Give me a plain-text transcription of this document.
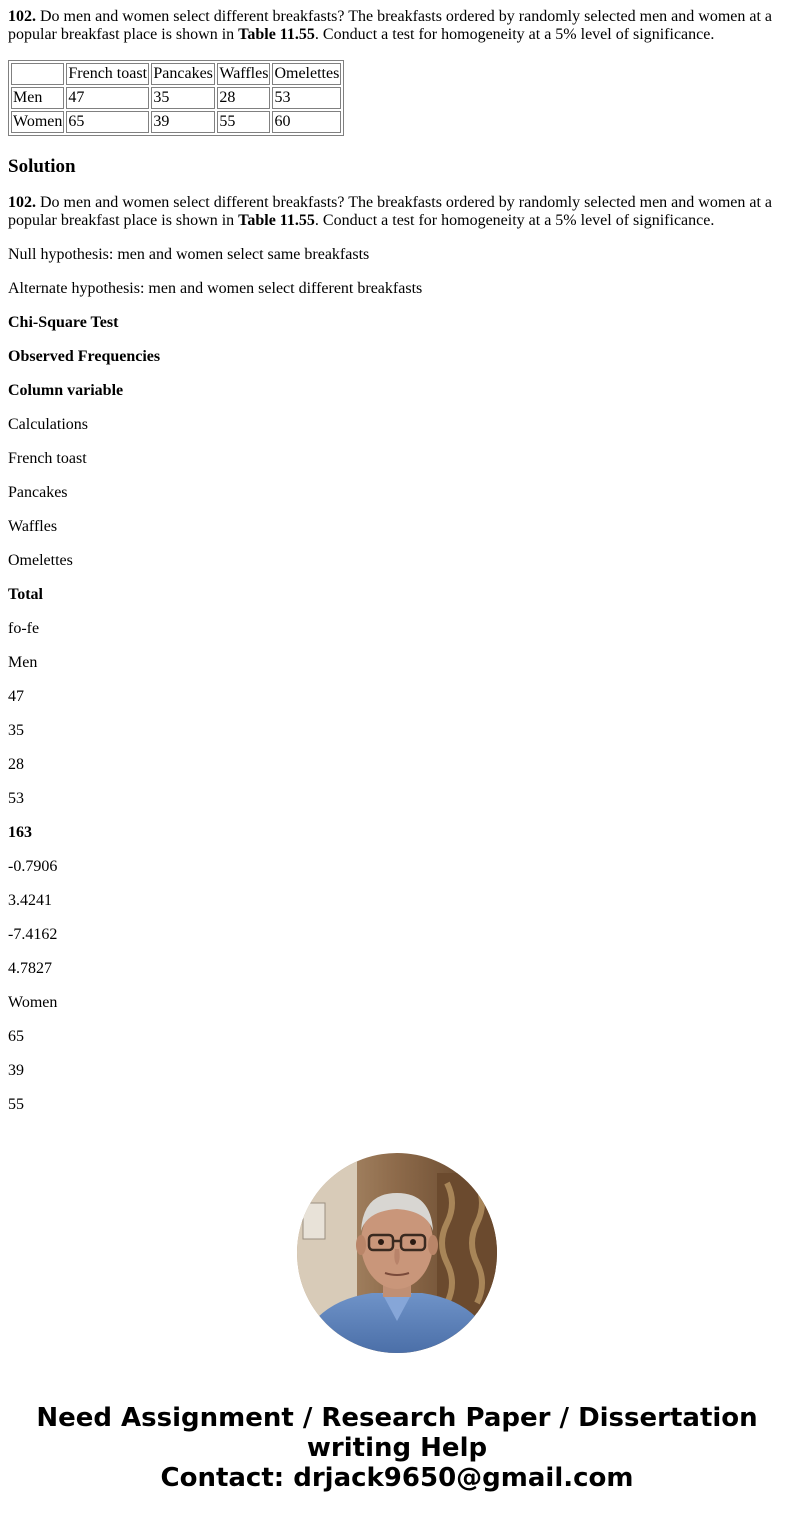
102. Do men and women select different breakfasts? The breakfasts ordered by randomly selected men and women at a popular breakfast place is shown in Table 11.55. Conduct a test for homogeneity at a 5% level of significance.

	French toast	Pancakes	Waffles	Omelettes
Men	47	35	28	53
Women	65	39	55	60
Solution

102. Do men and women select different breakfasts? The breakfasts ordered by randomly selected men and women at a popular breakfast place is shown in Table 11.55. Conduct a test for homogeneity at a 5% level of significance.

Null hypothesis: men and women select same breakfasts

Alternate hypothesis: men and women select different breakfasts

Chi-Square Test

Observed Frequencies

Column variable

Calculations

French toast

Pancakes

Waffles

Omelettes

Total

fo-fe

Men

47

35

28

53

163

-0.7906

3.4241

-7.4162

4.7827

Women

65

39

55

Need Assignment / Research Paper / Dissertation
writing Help
Contact: drjack9650@gmail.com
